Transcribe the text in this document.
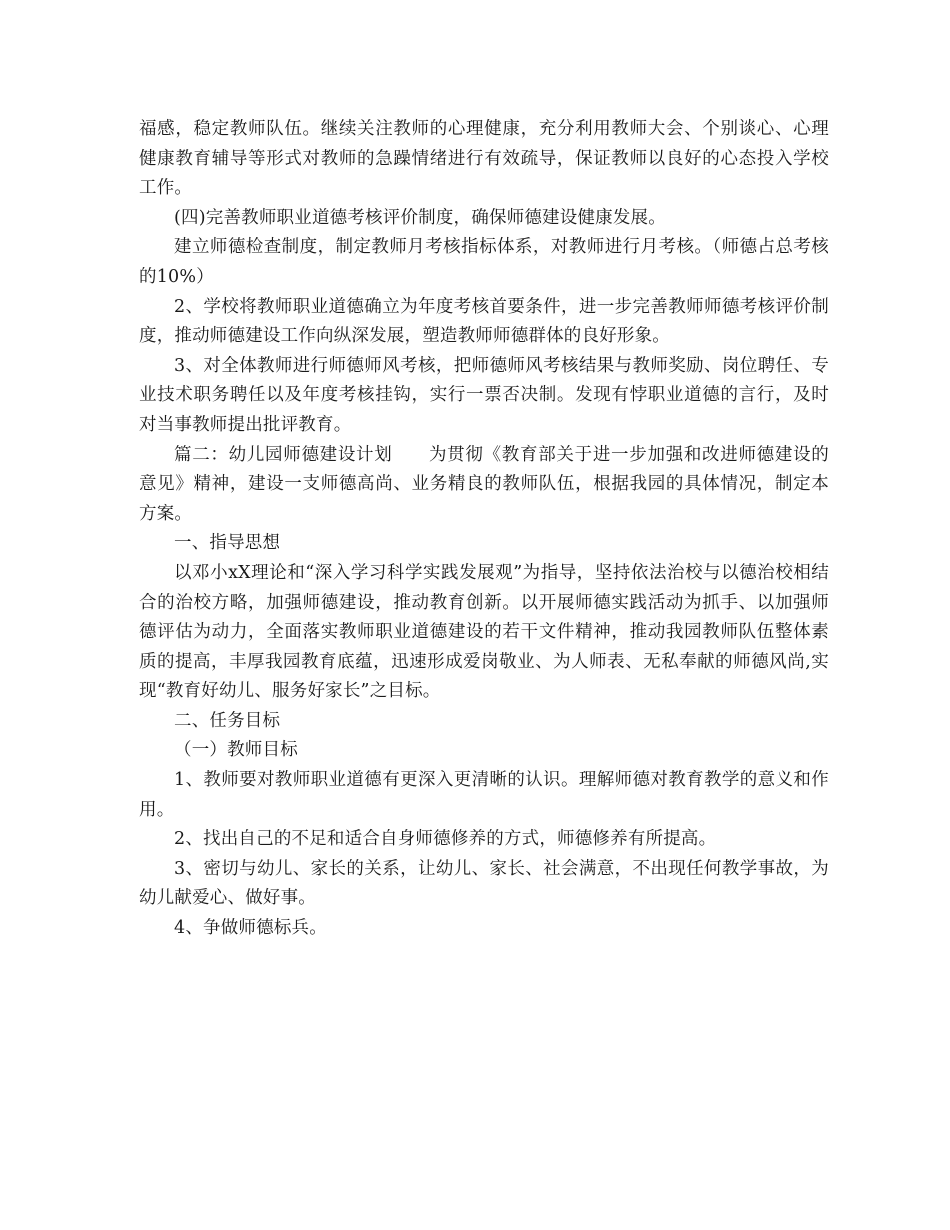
福感，稳定教师队伍。继续关注教师的心理健康，充分利用教师大会、个别谈心、心理健康教育辅导等形式对教师的急躁情绪进行有效疏导，保证教师以良好的心态投入学校工作。

(四)完善教师职业道德考核评价制度，确保师德建设健康发展。

建立师德检查制度，制定教师月考核指标体系，对教师进行月考核。（师德占总考核的10%）

2、学校将教师职业道德确立为年度考核首要条件，进一步完善教师师德考核评价制度，推动师德建设工作向纵深发展，塑造教师师德群体的良好形象。

3、对全体教师进行师德师风考核，把师德师风考核结果与教师奖励、岗位聘任、专业技术职务聘任以及年度考核挂钩，实行一票否决制。发现有悖职业道德的言行，及时对当事教师提出批评教育。

篇二：幼儿园师德建设计划 为贯彻《教育部关于进一步加强和改进师德建设的意见》精神，建设一支师德高尚、业务精良的教师队伍，根据我园的具体情况，制定本方案。

一、指导思想

以邓小xX理论和“深入学习科学实践发展观”为指导，坚持依法治校与以德治校相结合的治校方略，加强师德建设，推动教育创新。以开展师德实践活动为抓手、以加强师德评估为动力，全面落实教师职业道德建设的若干文件精神，推动我园教师队伍整体素质的提高，丰厚我园教育底蕴，迅速形成爱岗敬业、为人师表、无私奉献的师德风尚,实现“教育好幼儿、服务好家长”之目标。

二、任务目标

（一）教师目标

1、教师要对教师职业道德有更深入更清晰的认识。理解师德对教育教学的意义和作用。

2、找出自己的不足和适合自身师德修养的方式，师德修养有所提高。

3、密切与幼儿、家长的关系，让幼儿、家长、社会满意，不出现任何教学事故，为幼儿献爱心、做好事。

4、争做师德标兵。
